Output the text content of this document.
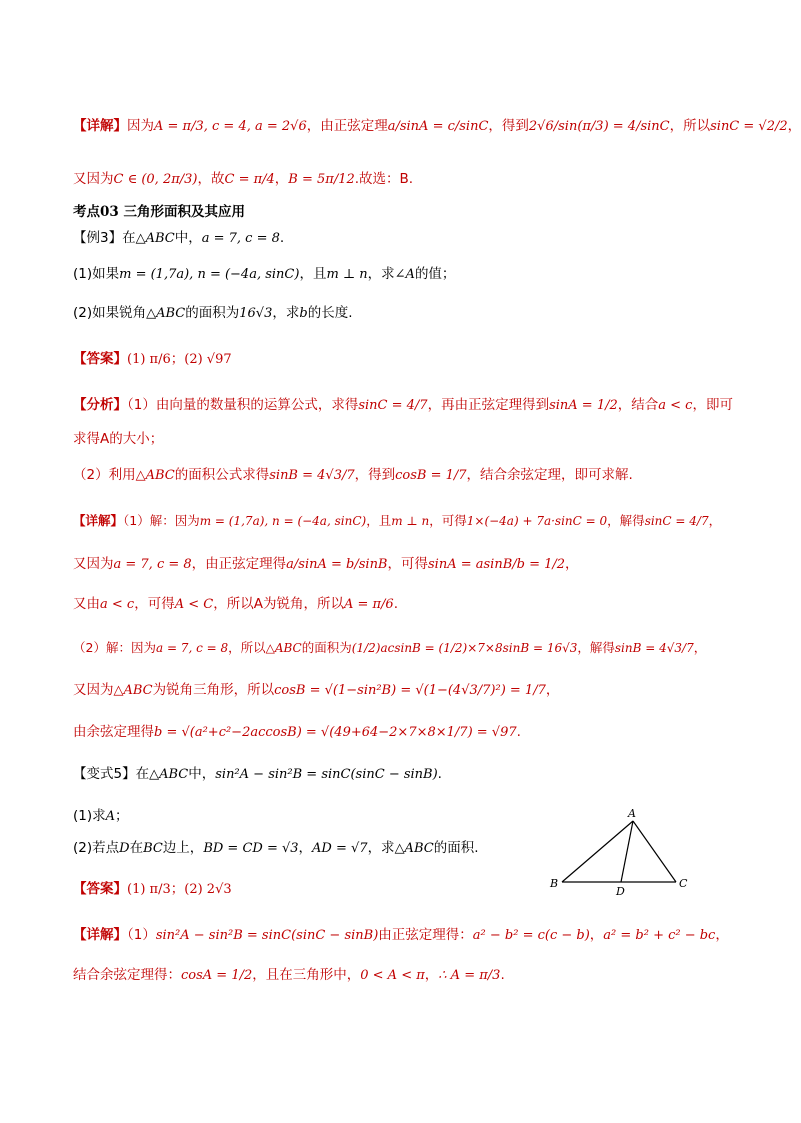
【详解】因为A = π/3, c = 4, a = 2√6，由正弦定理a/sinA = c/sinC，得到2√6/sin(π/3) = 4/sinC，所以sinC = √2/2，
又因为C ∈ (0, 2π/3)，故C = π/4，B = 5π/12.故选：B.
考点03 三角形面积及其应用
【例3】在△ABC中，a = 7, c = 8.
(1)如果m = (1,7a), n = (−4a, sinC)，且m ⊥ n，求∠A的值；
(2)如果锐角△ABC的面积为16√3，求b的长度.
【答案】(1) π/6；(2) √97
【分析】（1）由向量的数量积的运算公式，求得sinC = 4/7，再由正弦定理得到sinA = 1/2，结合a < c，即可
求得A的大小；
（2）利用△ABC的面积公式求得sinB = 4√3/7，得到cosB = 1/7，结合余弦定理，即可求解.
【详解】（1）解：因为m = (1,7a), n = (−4a, sinC)，且m ⊥ n，可得1×(−4a) + 7a·sinC = 0，解得sinC = 4/7，
又因为a = 7, c = 8，由正弦定理得a/sinA = b/sinB，可得sinA = asinB/b = 1/2，
又由a < c，可得A < C，所以A为锐角，所以A = π/6.
（2）解：因为a = 7, c = 8，所以△ABC的面积为(1/2)acsinB = (1/2)×7×8sinB = 16√3，解得sinB = 4√3/7，
又因为△ABC为锐角三角形，所以cosB = √(1−sin²B) = √(1−(4√3/7)²) = 1/7，
由余弦定理得b = √(a²+c²−2accosB) = √(49+64−2×7×8×1/7) = √97.
【变式5】在△ABC中，sin²A − sin²B = sinC(sinC − sinB).
(1)求A；
(2)若点D在BC边上，BD = CD = √3，AD = √7，求△ABC的面积.
【答案】(1) π/3；(2) 2√3
A
B	C
D
【详解】（1）sin²A − sin²B = sinC(sinC − sinB)由正弦定理得：a² − b² = c(c − b)，a² = b² + c² − bc，
结合余弦定理得：cosA = 1/2，且在三角形中，0 < A < π，∴ A = π/3.
